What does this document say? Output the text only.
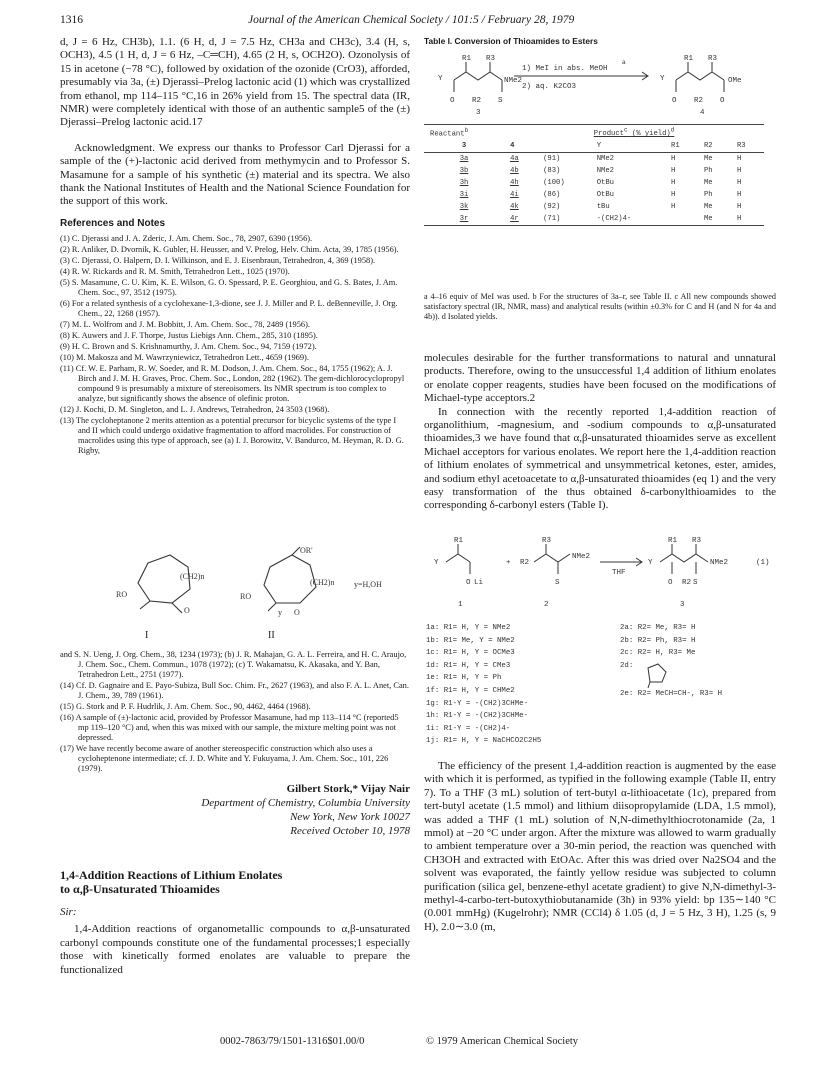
1316	Journal of the American Chemical Society / 101:5 / February 28, 1979

d, J = 6 Hz, CH3b), 1.1. (6 H, d, J = 7.5 Hz, CH3a and CH3c), 3.4 (H, s, OCH3), 4.5 (1 H, d, J = 6 Hz, –C═CH), 4.65 (2 H, s, OCH2O). Ozonolysis of 15 in acetone (−78 °C), followed by oxidation of the ozonide (CrO3), afforded, presumably via 3a, (±) Djerassi–Prelog lactonic acid (1) which was crystallized from ethanol, mp 114–115 °C,16 in 26% yield from 15. The spectral data (IR, NMR) were completely identical with those of an authentic sample5 of the (±) Djerassi–Prelog lactonic acid.17

Acknowledgment. We express our thanks to Professor Carl Djerassi for a sample of the (+)-lactonic acid derived from methymycin and to Professor S. Masamune for a sample of his synthetic (±) material and its spectra. We also thank the National Institutes of Health and the National Science Foundation for the support of this work.

References and Notes
(1) C. Djerassi and J. A. Zderic, J. Am. Chem. Soc., 78, 2907, 6390 (1956).
(2) R. Anliker, D. Dvornik, K. Gubler, H. Heusser, and V. Prelog, Helv. Chim. Acta, 39, 1785 (1956).
(3) C. Djerassi, O. Halpern, D. I. Wilkinson, and E. J. Eisenbraun, Tetrahedron, 4, 369 (1958).
(4) R. W. Rickards and R. M. Smith, Tetrahedron Lett., 1025 (1970).
(5) S. Masamune, C. U. Kim, K. E. Wilson, G. O. Spessard, P. E. Georghiou, and G. S. Bates, J. Am. Chem. Soc., 97, 3512 (1975).
(6) For a related synthesis of a cyclohexane-1,3-dione, see J. J. Miller and P. L. deBenneville, J. Org. Chem., 22, 1268 (1957).
(7) M. L. Wolfrom and J. M. Bobbitt, J. Am. Chem. Soc., 78, 2489 (1956).
(8) K. Auwers and J. F. Thorpe, Justus Liebigs Ann. Chem., 285, 310 (1895).
(9) H. C. Brown and S. Krishnamurthy, J. Am. Chem. Soc., 94, 7159 (1972).
(10) M. Makosza and M. Wawrzyniewicz, Tetrahedron Lett., 4659 (1969).
(11) Cf. W. E. Parham, R. W. Soeder, and R. M. Dodson, J. Am. Chem. Soc., 84, 1755 (1962); A. J. Birch and J. M. H. Graves, Proc. Chem. Soc., London, 282 (1962). The gem-dichlorocyclopropyl compound 9 is presumably a mixture of stereoisomers. Its NMR spectrum is too complex to analyze, but significantly shows the absence of olefinic proton.
(12) J. Kochi, D. M. Singleton, and L. J. Andrews, Tetrahedron, 24 3503 (1968).
(13) The cycloheptanone 2 merits attention as a potential precursor for bicyclic systems of the type I and II which could undergo oxidative fragmentation to afford macrolides. For construction of macrolides using this type of approach, see (a) I. J. Borowitz, V. Bandurco, M. Heyman, R. D. G. Rigby,
(CH2)n
RO
O
OR'
(CH2)n
RO
y O
y=H,OH
I	II
and S. N. Ueng, J. Org. Chem., 38, 1234 (1973); (b) J. R. Mahajan, G. A. L. Ferreira, and H. C. Araujo, J. Chem. Soc., Chem. Commun., 1078 (1972); (c) T. Wakamatsu, K. Akasaka, and Y. Ban, Tetrahedron Lett., 2751 (1977).
(14) Cf. D. Gagnaire and E. Payo-Subiza, Bull Soc. Chim. Fr., 2627 (1963), and also F. A. L. Anet, Can. J. Chem., 39, 789 (1961).
(15) G. Stork and P. F. Hudrlik, J. Am. Chem. Soc., 90, 4462, 4464 (1968).
(16) A sample of (±)-lactonic acid, provided by Professor Masamune, had mp 113–114 °C (reported5 mp 119–120 °C) and, when this was mixed with our sample, the mixture melting point was not depressed.
(17) We have recently become aware of another stereospecific construction which also uses a cycloheptenone intermediate; cf. J. D. White and Y. Fukuyama, J. Am. Chem. Soc., 101, 226 (1979).
Gilbert Stork,* Vijay Nair
Department of Chemistry, Columbia University
New York, New York 10027
Received October 10, 1978
1,4-Addition Reactions of Lithium Enolates
to α,β-Unsaturated Thioamides
Sir:

1,4-Addition reactions of organometallic compounds to α,β-unsaturated carbonyl compounds constitute one of the fundamental processes;1 especially those with kinetically formed enolates are valuable to prepare the functionalized

0002-7863/79/1501-1316$01.00/0
Table I. Conversion of Thioamides to Esters
R1 R3
Y	NMe2
O R2 S
1) MeI in abs. MeOH
a
2) aq. K2CO3
R1 R3
Y	OMe
O R2 O
3	4
Reactant$^b$	Product$^c$ (% yield)$^d$
3	4		Y	R1	R2	R3
3a	4a	(91)	NMe2	H	Me	H
3b	4b	(83)	NMe2	H	Ph	H
3h	4h	(100)	OtBu	H	Me	H
3i	4i	(86)	OtBu	H	Ph	H
3k	4k	(92)	tBu	H	Me	H
3r	4r	(71)	-(CH2)4-		Me	H
a 4–16 equiv of MeI was used. b For the structures of 3a–r, see Table II. c All new compounds showed satisfactory spectral (IR, NMR, mass) and analytical results (within ±0.3% for C and H (and N for 4a and 4b)). d Isolated yields.

molecules desirable for the further transformations to natural and unnatural products. Therefore, owing to the unsuccessful 1,4 addition of lithium enolates or enolate copper reagents, studies have been focused on the modifications of Michael-type acceptors.2

In connection with the recently reported 1,4-addition reaction of organolithium, -magnesium, and -sodium compounds to α,β-unsaturated thioamides,3 we have found that α,β-unsaturated thioamides serve as excellent Michael acceptors for various enolates. We report here the 1,4-addition reaction of lithium enolates of symmetrical and unsymmetrical ketones, ester, amides, and sodium ethyl acetoacetate to α,β-unsaturated thioamides (eq 1) and the very easy transformation of the thus obtained δ-carbonylthioamides to the corresponding δ-carbonyl esters (Table I).

R1
Y
O Li
+ R2
R3
NMe2
S
THF
R1 R3
Y	NMe2
O R2 S
(1)
1	2	3
1a: R1= H, Y = NMe2
1b: R1= Me, Y = NMe2
1c: R1= H, Y = OCMe3
1d: R1= H, Y = CMe3
1e: R1= H, Y = Ph
1f: R1= H, Y = CHMe2
1g: R1-Y = -(CH2)3CHMe-
1h: R1-Y = -(CH2)3CHMe-
1i: R1-Y = -(CH2)4-
1j: R1= H, Y = NaCHCO2C2H5
2a: R2= Me, R3= H
2b: R2= Ph, R3= H
2c: R2= H, R3= Me
2d:
2e: R2= MeCH=CH-, R3= H

The efficiency of the present 1,4-addition reaction is augmented by the ease with which it is performed, as typified in the following example (Table II, entry 7). To a THF (3 mL) solution of tert-butyl α-lithioacetate (1c), prepared from tert-butyl acetate (1.5 mmol) and lithium diisopropylamide (LDA, 1.5 mmol), was added a THF (1 mL) solution of N,N-dimethylthiocrotonamide (2a, 1 mmol) at −20 °C under argon. After the mixture was allowed to warm gradually to ambient temperature over a 30-min period, the reaction was quenched with CH3OH and extracted with EtOAc. After this was dried over Na2SO4 and the solvent was evaporated, the faintly yellow residue was subjected to column purification (silica gel, benzene-ethyl acetate gradient) to give N,N-dimethyl-3-methyl-4-carbo-tert-butoxythiobutanamide (3h) in 93% yield: bp 135∼140 °C (0.001 mmHg) (Kugelrohr); NMR (CCl4) δ 1.05 (d, J = 5 Hz, 3 H), 1.25 (s, 9 H), 2.0∼3.0 (m,

© 1979 American Chemical Society
